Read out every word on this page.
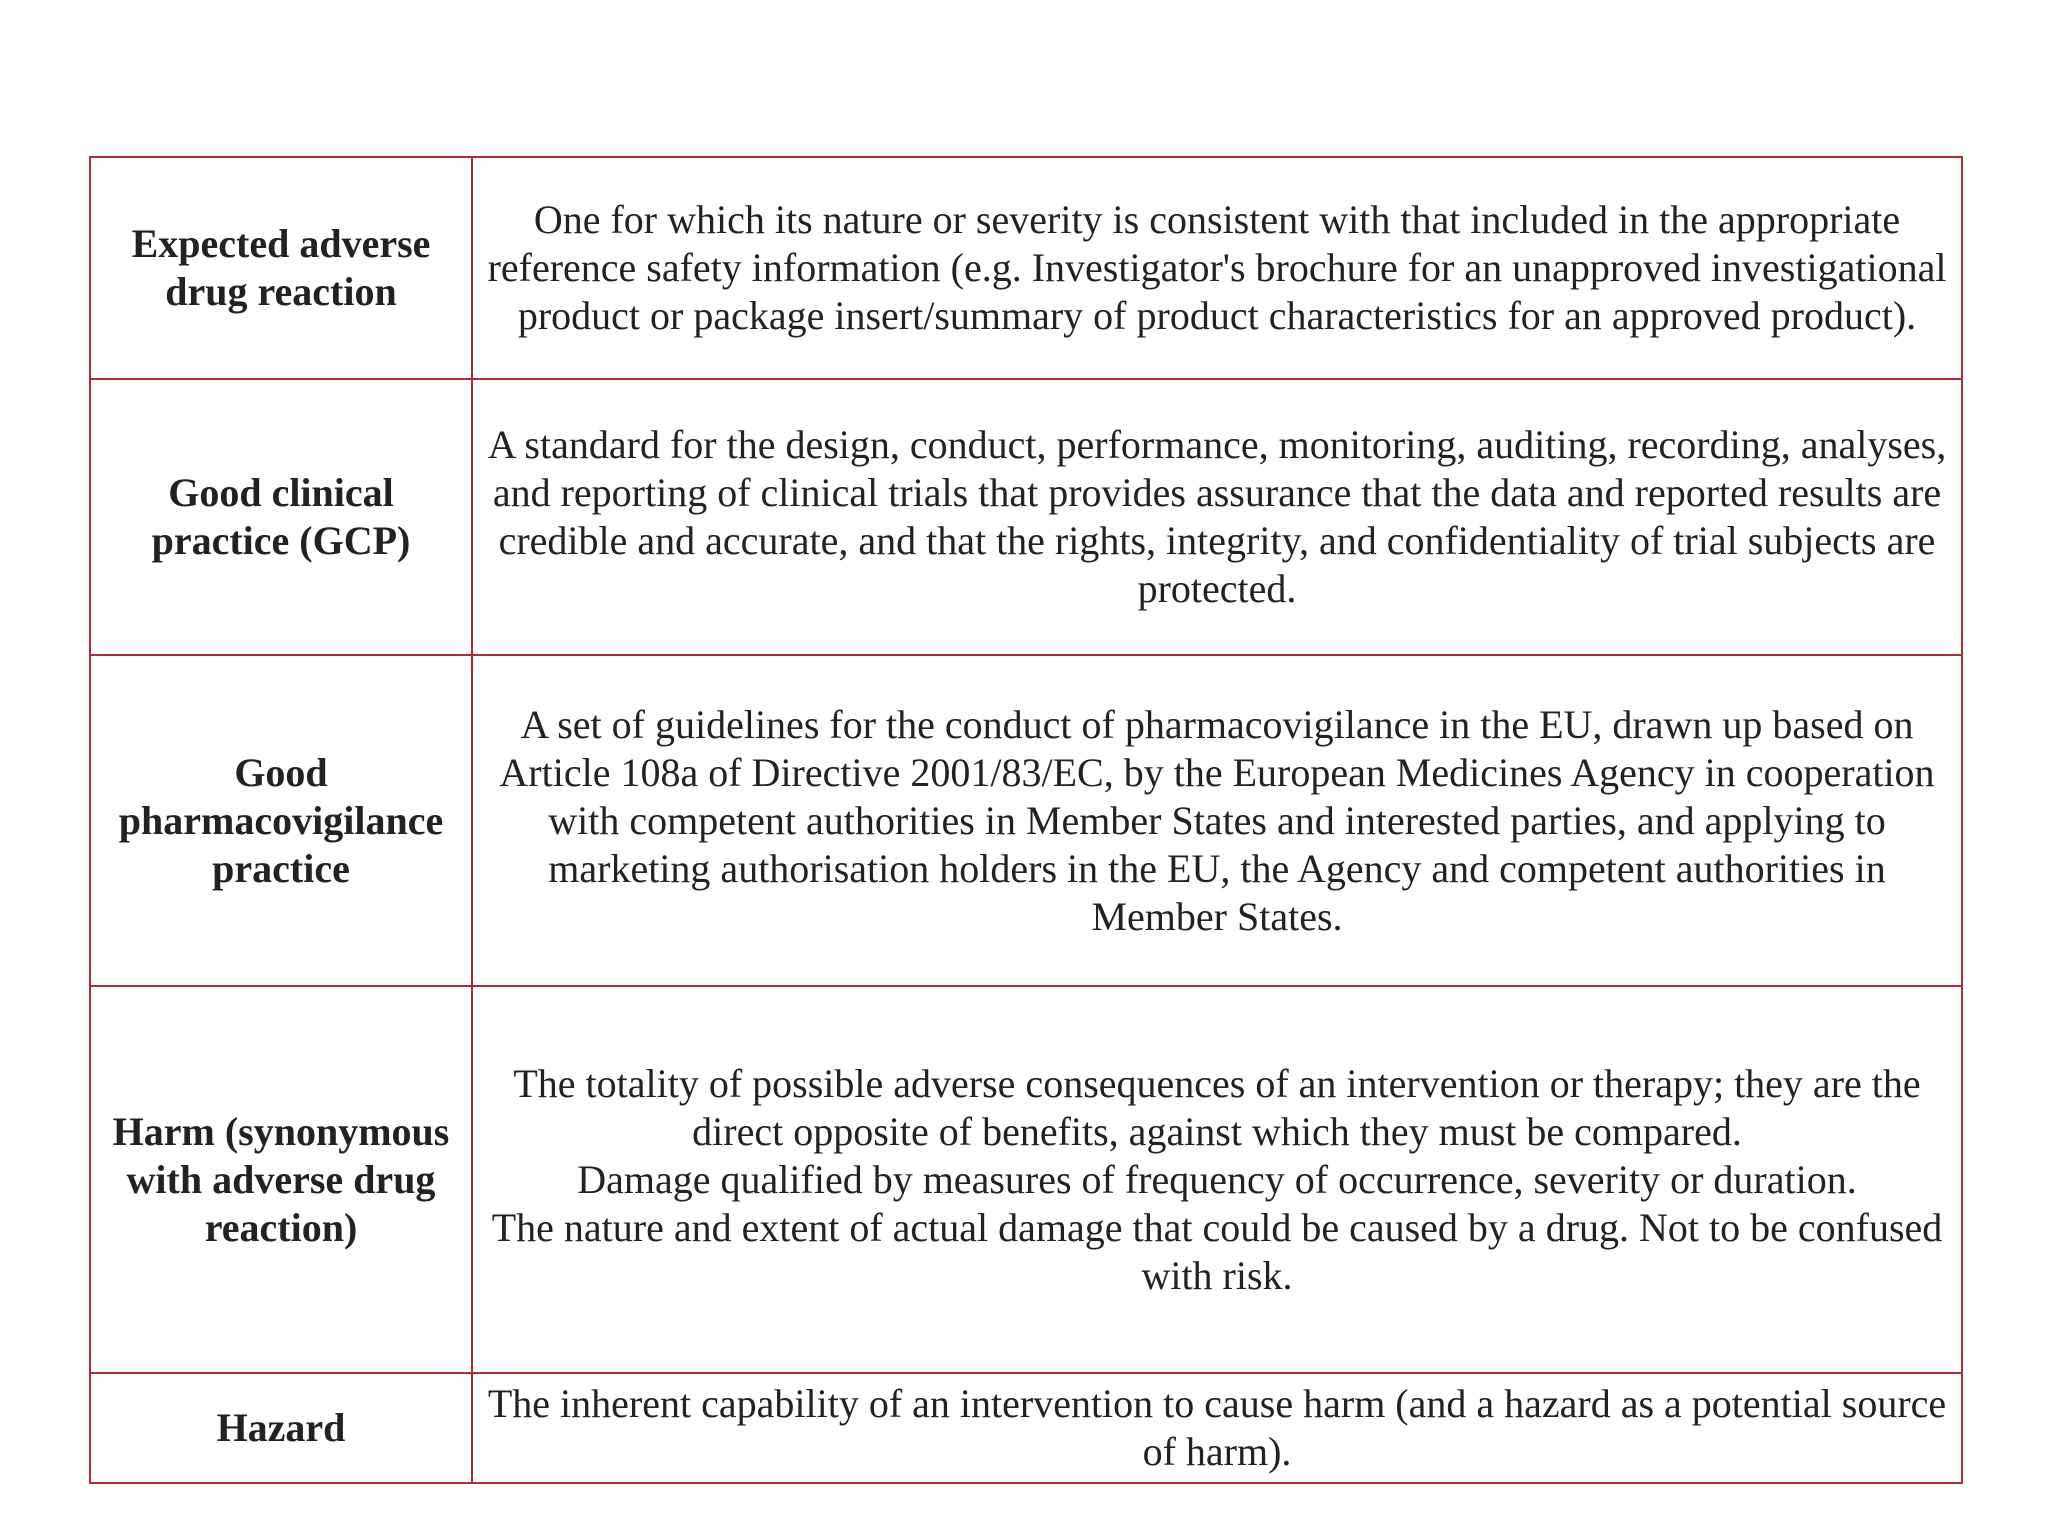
Expected adverse drug reaction	One for which its nature or severity is consistent with that included in the appropriate reference safety information (e.g. Investigator's brochure for an unapproved investigational product or package insert/summary of product characteristics for an approved product).

Good clinical practice (GCP)	A standard for the design, conduct, performance, monitoring, auditing, recording, analyses, and reporting of clinical trials that provides assurance that the data and reported results are credible and accurate, and that the rights, integrity, and confidentiality of trial subjects are protected.

Good pharmacovigilance practice	A set of guidelines for the conduct of pharmacovigilance in the EU, drawn up based on Article 108a of Directive 2001/83/EC, by the European Medicines Agency in cooperation with competent authorities in Member States and interested parties, and applying to marketing authorisation holders in the EU, the Agency and competent authorities in Member States.

Harm (synonymous with adverse drug reaction)	The totality of possible adverse consequences of an intervention or therapy; they are the direct opposite of benefits, against which they must be compared.
Damage qualified by measures of frequency of occurrence, severity or duration.
The nature and extent of actual damage that could be caused by a drug. Not to be confused with risk.

Hazard	The inherent capability of an intervention to cause harm (and a hazard as a potential source of harm).
